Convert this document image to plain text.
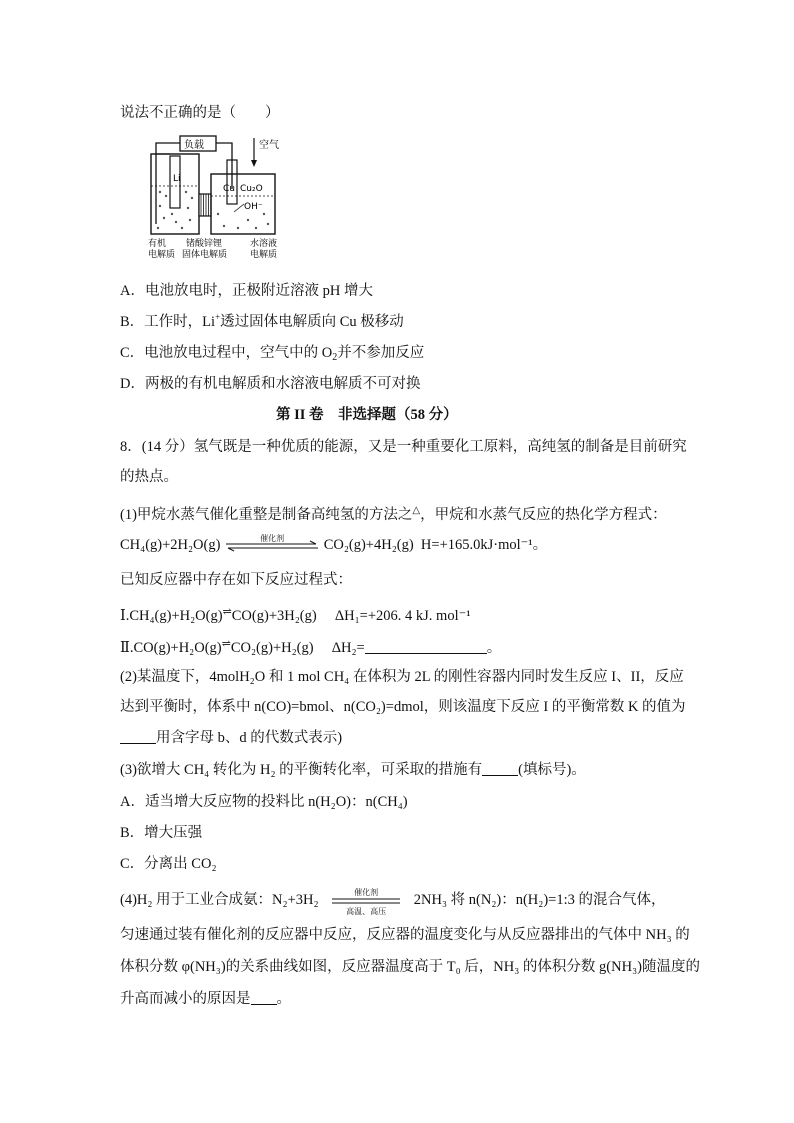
说法不正确的是（　　）
负载
Li
Cu Cu₂O
OH⁻
空气
有机
电解质
锗酸锌锂
固体电解质
水溶液
电解质
A．电池放电时，正极附近溶液 pH 增大
B．工作时，Li+透过固体电解质向 Cu 极移动
C．电池放电过程中，空气中的 $O_2$并不参加反应
D．两极的有机电解质和水溶液电解质不可对换
第 II 卷　非选择题（58 分）
8．(14 分）氢气既是一种优质的能源，又是一种重要化工原料，高纯氢的制备是目前研究
的热点。
(1)甲烷水蒸气催化重整是制备高纯氢的方法之△，甲烷和水蒸气反应的热化学方程式：
CH₄(g)+2H₂O(g)	催化剂	CO₂(g)+4H₂(g) H=+165.0kJ·mol⁻¹。
已知反应器中存在如下反应过程式：
Ⅰ.CH₄(g)+H₂O(g)⇌CO(g)+3H₂(g) ΔH₁=+206. 4 kJ. mol⁻¹
Ⅱ.CO(g)+H₂O(g)⇌CO₂(g)+H₂(g) ΔH₂=	。
(2)某温度下，4molH₂O 和 1 mol CH₄ 在体积为 2L 的刚性容器内同时发生反应 I、II，反应
达到平衡时，体系中 n(CO)=bmol、n(CO₂)=dmol，则该温度下反应 I 的平衡常数 K 的值为
用含字母 b、d 的代数式表示)
(3)欲增大 CH₄ 转化为 H₂ 的平衡转化率，可采取的措施有 (填标号)。
A．适当增大反应物的投料比 n(H₂O)：n(CH₄)
B．增大压强
C．分离出 CO₂
(4)H₂ 用于工业合成氨：N₂+3H₂	催化剂
高温、高压
2NH₃ 将 n(N₂)：n(H₂)=1:3 的混合气体，
匀速通过装有催化剂的反应器中反应，反应器的温度变化与从反应器排出的气体中 NH₃ 的
体积分数 φ(NH₃)的关系曲线如图，反应器温度高于 T₀ 后，NH₃ 的体积分数 g(NH₃)随温度的
升高而减小的原因是 。
